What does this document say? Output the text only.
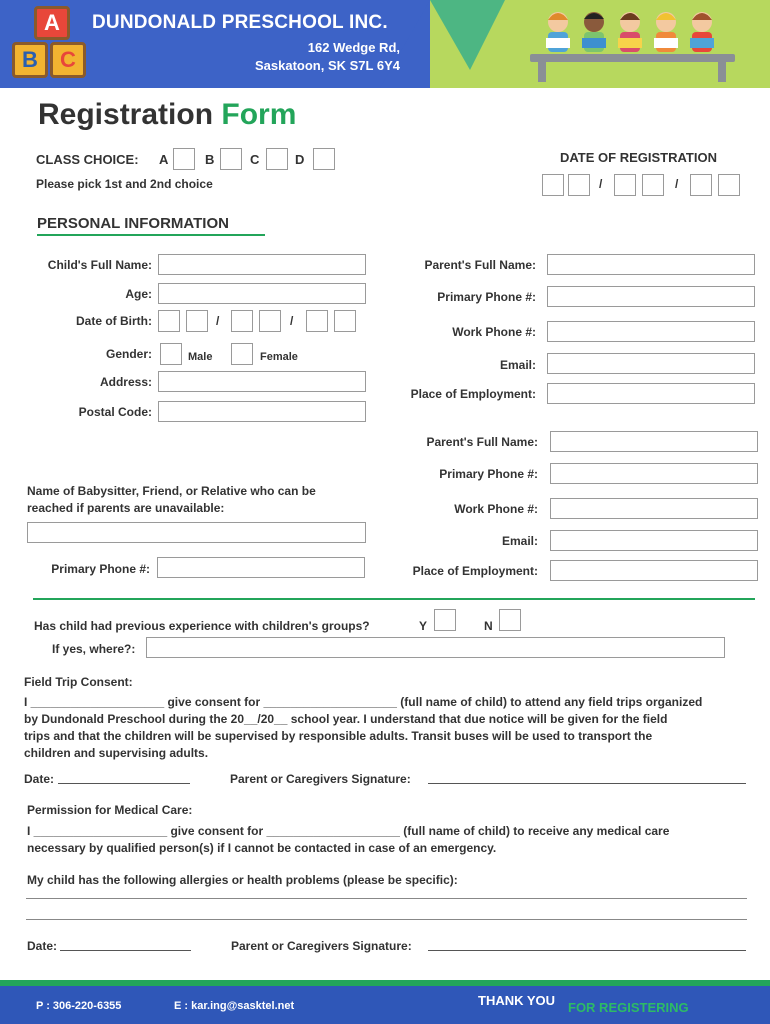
A
B	C
DUNDONALD PRESCHOOL INC.
162 Wedge Rd,
Saskatoon, SK S7L 6Y4
Registration Form
CLASS CHOICE: A	B	C	D
Please pick 1st and 2nd choice
DATE OF REGISTRATION
/	/
PERSONAL INFORMATION
Child's Full Name:
Age:
Date of Birth:	/	/
Gender:	Male	Female
Address:
Postal Code:
Parent's Full Name:
Primary Phone #:
Work Phone #:
Email:
Place of Employment:
Parent's Full Name:
Primary Phone #:
Work Phone #:
Email:
Place of Employment:
Name of Babysitter, Friend, or Relative who can be
reached if parents are unavailable:
Primary Phone #:
Has child had previous experience with children's groups?	Y	N
If yes, where?:
Field Trip Consent:
I ____________________ give consent for ____________________ (full name of child) to attend any field trips organized
by Dundonald Preschool during the 20__/20__ school year. I understand that due notice will be given for the field
trips and that the children will be supervised by responsible adults. Transit buses will be used to transport the
children and supervising adults.
Date:	Parent or Caregivers Signature:
Permission for Medical Care:
I ____________________ give consent for ____________________ (full name of child) to receive any medical care
necessary by qualified person(s) if I cannot be contacted in case of an emergency.
My child has the following allergies or health problems (please be specific):
Date:	Parent or Caregivers Signature:
P : 306-220-6355	E : kar.ing@sasktel.net	THANK YOU FOR REGISTERING
